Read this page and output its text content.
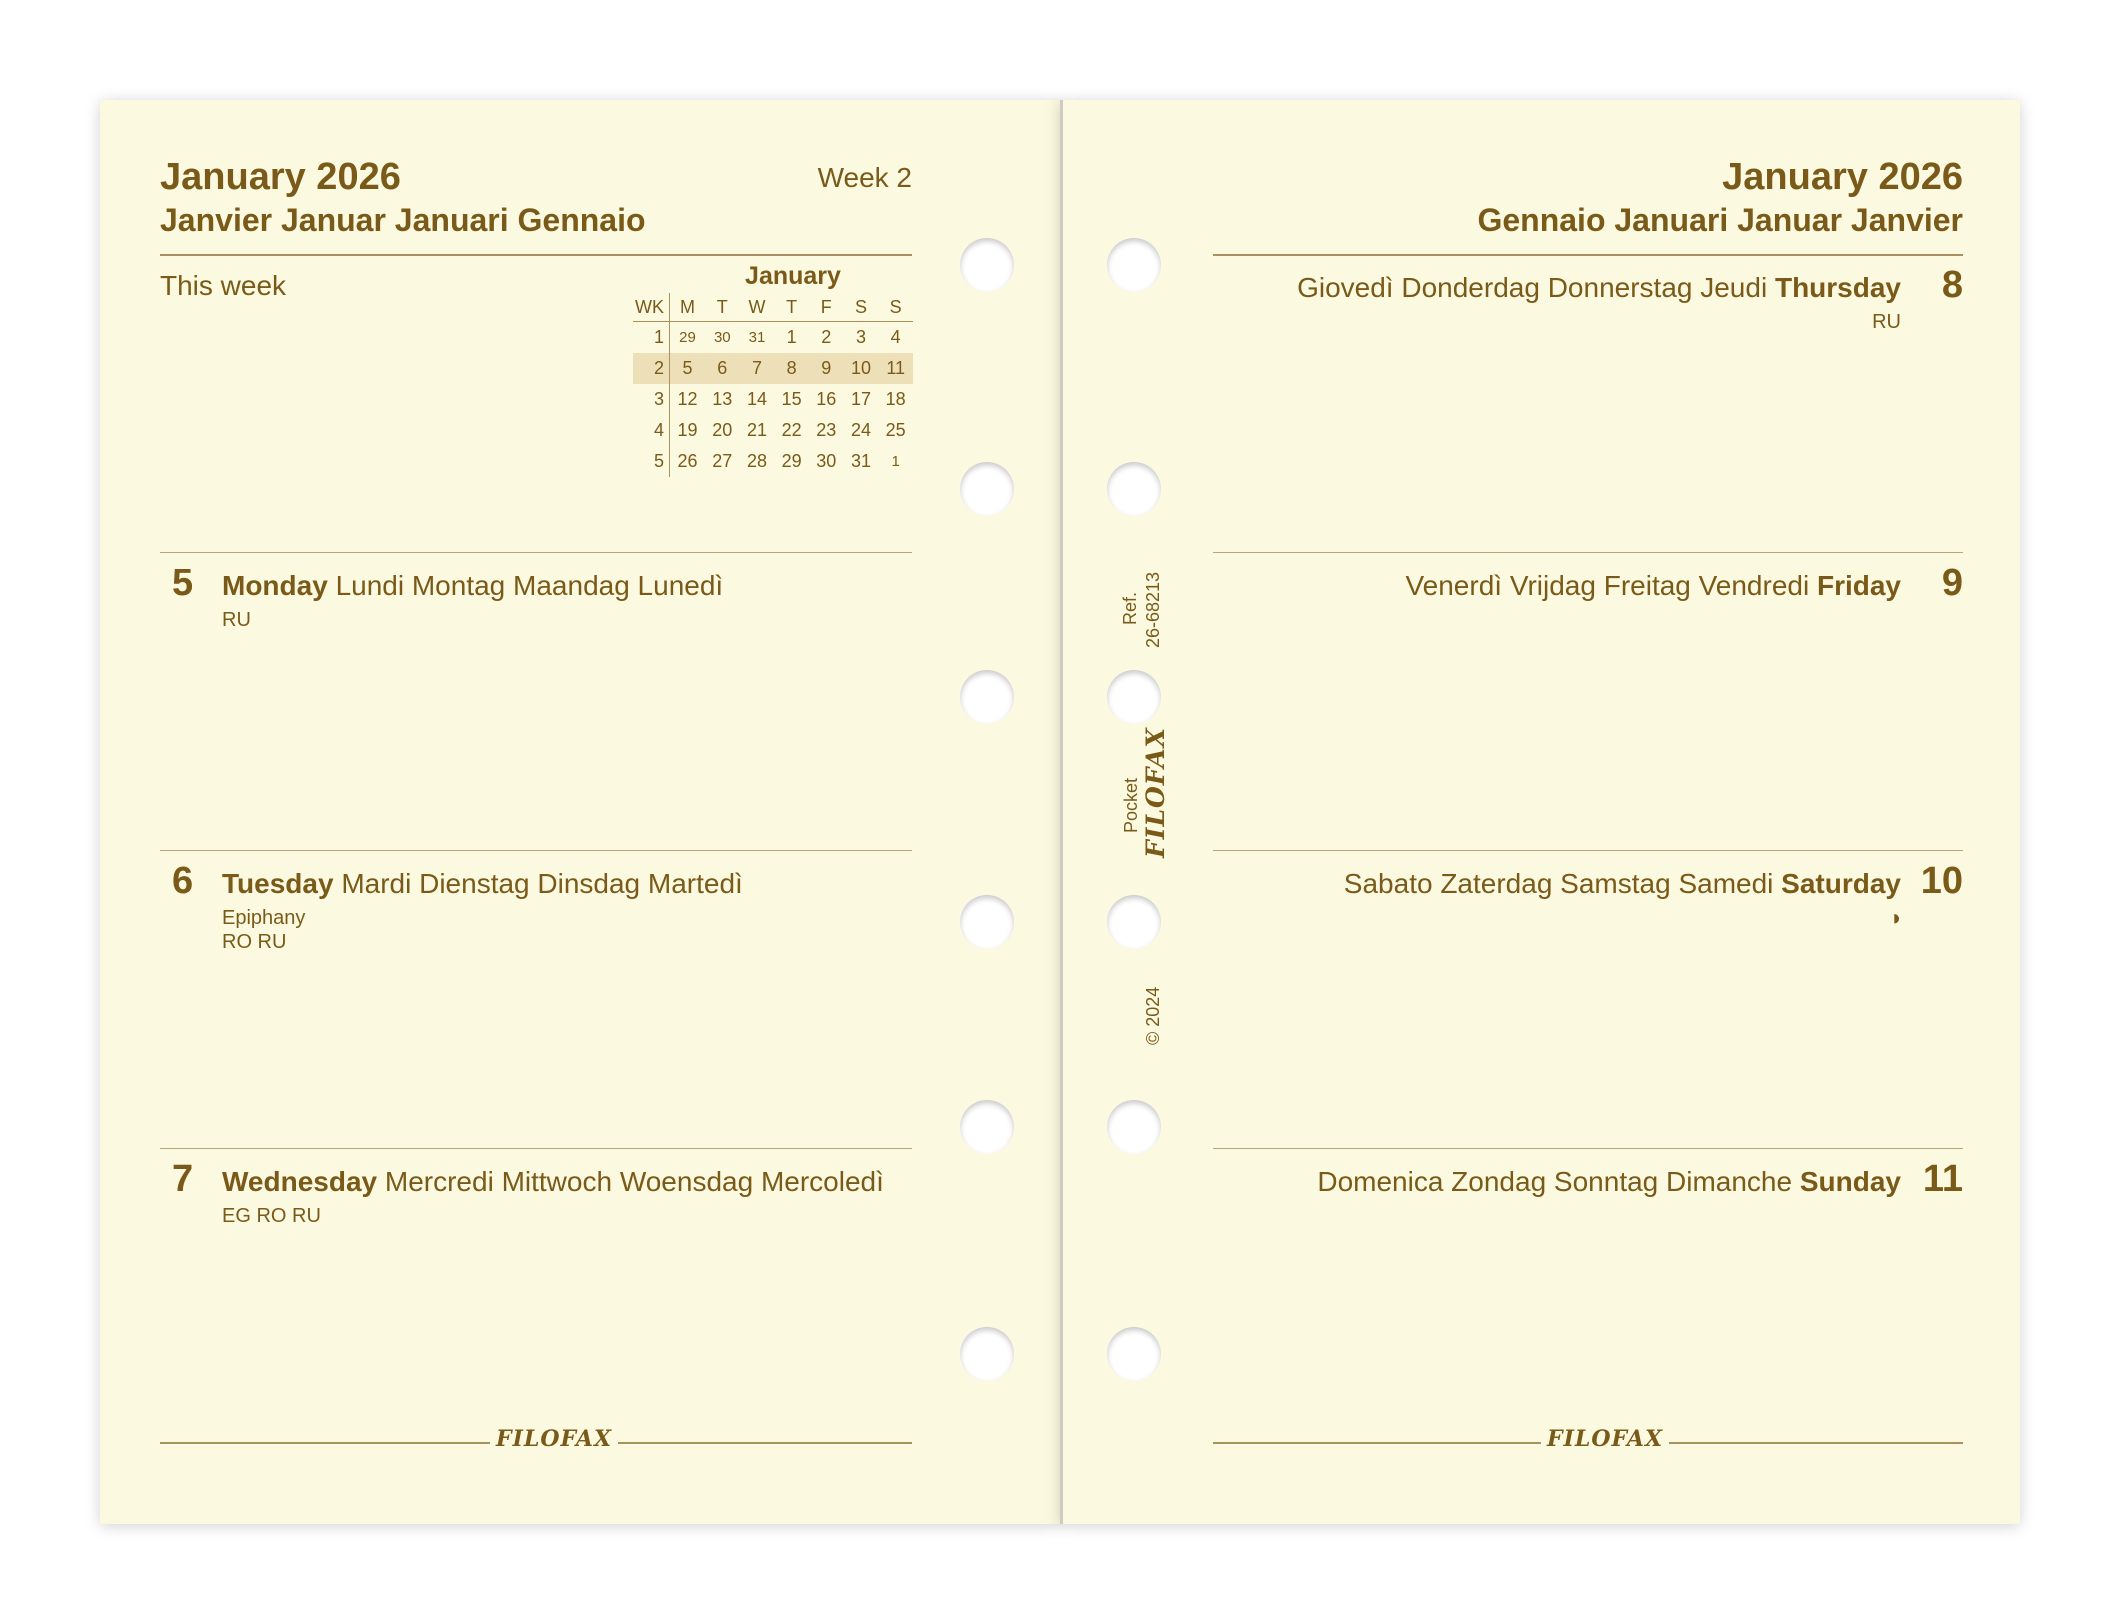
January 2026
Janvier Januar Januari Gennaio
Week 2
This week	January
WK	M	T	W	T	F	S	S
1	29	30	31	1	2	3	4
2	5	6	7	8	9	10	11
3	12	13	14	15	16	17	18
4	19	20	21	22	23	24	25
5	26	27	28	29	30	31	1
5 Monday Lundi Montag Maandag Lunedì
RU
6 Tuesday Mardi Dienstag Dinsdag Martedì
Epiphany
RO RU
7 Wednesday Mercredi Mittwoch Woensdag Mercoledì
EG RO RU
FILOFAX
January 2026
Gennaio Januari Januar Janvier
8
Giovedì Donderdag Donnerstag Jeudi Thursday
RU
9
Venerdì Vrijdag Freitag Vendredi Friday
10
Sabato Zaterdag Samstag Samedi Saturday
◑
11
Domenica Zondag Sonntag Dimanche Sunday
FILOFAX
Ref. 26-68213
Pocket FILOFAX
© 2024
